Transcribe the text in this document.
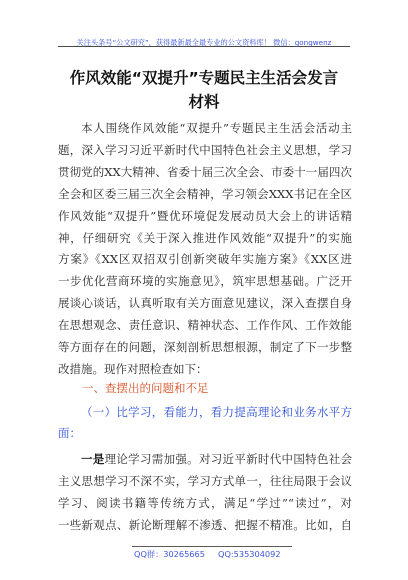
关注头条号“公文研究”，获得最新最全最专业的公文资料库！ 微信：gongwenz
作风效能“双提升”专题民主生活会发言
材料
本人围绕作风效能“双提升”专题民主生活会活动主
题，深入学习习近平新时代中国特色社会主义思想，学习
贯彻党的XX大精神、省委十届三次全会、市委十一届四次
全会和区委三届三次全会精神，学习领会XXX书记在全区
作风效能“双提升”暨优环境促发展动员大会上的讲话精
神，仔细研究《关于深入推进作风效能“双提升”的实施
方案》《XX区双招双引创新突破年实施方案》《XX区进
一步优化营商环境的实施意见》，筑牢思想基础。广泛开
展谈心谈话，认真听取有关方面意见建议，深入查摆自身
在思想观念、责任意识、精神状态、工作作风、工作效能
等方面存在的问题，深刻剖析思想根源，制定了下一步整
改措施。现作对照检查如下：
一、查摆出的问题和不足
（一）比学习，看能力，看力提高理论和业务水平方
面：
一是理论学习需加强。对习近平新时代中国特色社会
主义思想学习不深不实，学习方式单一，往往局限于会议
学习、阅读书籍等传统方式，满足“学过”“读过”，对
一些新观点、新论断理解不渗透、把握不精准。比如，自
QQ群：30265665 QQ:535304092
